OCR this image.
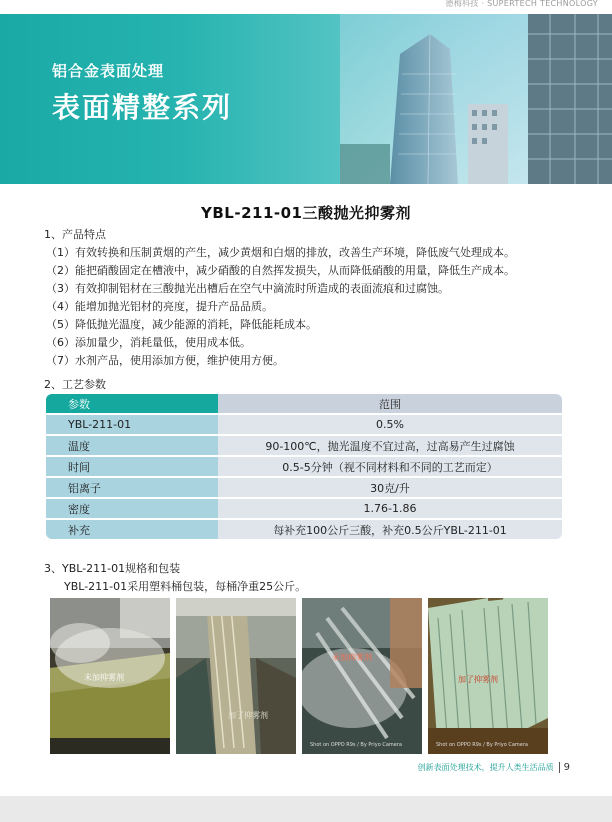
德梅科技 · SUPERTECH TECHNOLOGY
铝合金表面处理
表面精整系列
YBL-211-01三酸抛光抑雾剂
1、产品特点
（1）有效转换和压制黄烟的产生，减少黄烟和白烟的排放，改善生产环境，降低废气处理成本。
（2）能把硝酸固定在槽液中，减少硝酸的自然挥发损失，从而降低硝酸的用量，降低生产成本。
（3）有效抑制铝材在三酸抛光出槽后在空气中滴流时所造成的表面流痕和过腐蚀。
（4）能增加抛光铝材的亮度，提升产品品质。
（5）降低抛光温度，减少能源的消耗，降低能耗成本。
（6）添加量少，消耗量低，使用成本低。
（7）水剂产品，使用添加方便，维护使用方便。
2、工艺参数
参数	范围
YBL-211-01	0.5%
温度	90-100℃，抛光温度不宜过高，过高易产生过腐蚀
时间	0.5-5分钟（视不同材料和不同的工艺而定）
铝离子	30克/升
密度	1.76-1.86
补充	每补充100公斤三酸，补充0.5公斤YBL-211-01
3、YBL-211-01规格和包装
YBL-211-01采用塑料桶包装，每桶净重25公斤。
未加抑雾剂
加了抑雾剂
未加抑雾剂
Shot on OPPO R9s / By Priyo Camera
加了抑雾剂
Shot on OPPO R9s / By Priyo Camera
创新表面处理技术，提升人类生活品质 9
